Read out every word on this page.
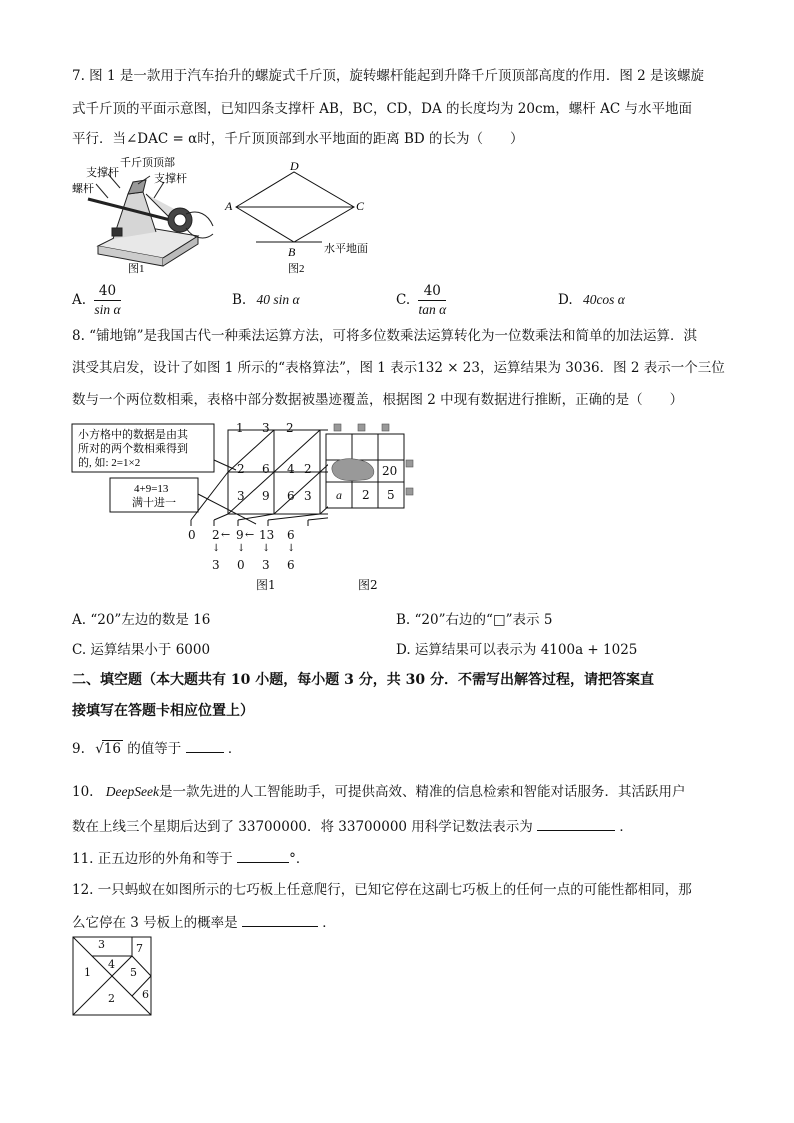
7. 图 1 是一款用于汽车抬升的螺旋式千斤顶，旋转螺杆能起到升降千斤顶顶部高度的作用．图 2 是该螺旋
式千斤顶的平面示意图，已知四条支撑杆 AB，BC，CD，DA 的长度均为 20cm，螺杆 AC 与水平地面
平行．当∠DAC = α时，千斤顶顶部到水平地面的距离 BD 的长为（　　）
支撑杆
千斤顶顶部
支撑杆
螺杆
图1
D
A	C
B	水平地面
图2
A. $\frac{40}{\text{sin α}}$	B. 40 sin α	C. $\frac{40}{\text{tan α}}$	D. 40cos α
8. “铺地锦”是我国古代一种乘法运算方法，可将多位数乘法运算转化为一位数乘法和简单的加法运算．淇
淇受其启发，设计了如图 1 所示的“表格算法”，图 1 表示132 × 23，运算结果为 3036．图 2 表示一个三位
数与一个两位数相乘，表格中部分数据被墨迹覆盖，根据图 2 中现有数据进行推断，正确的是（　　）
小方格中的数据是由其
所对的两个数相乘得到
的, 如: 2=1×2
4+9=13
满十进一
1 3 2
2 6 4 2
3 9 6 3
0 2 ← 9 ← 13 6
↓ ↓ ↓ ↓
3 0 3 6
图1
20
a 2 5
图2
A. “20”左边的数是 16	B. “20”右边的“□”表示 5
C. 运算结果小于 6000	D. 运算结果可以表示为 4100a + 1025
二、填空题（本大题共有 10 小题，每小题 3 分，共 30 分．不需写出解答过程，请把答案直
接填写在答题卡相应位置上）
9. √16 的值等于	．
10. DeepSeek是一款先进的人工智能助手，可提供高效、精准的信息检索和智能对话服务．其活跃用户
数在上线三个星期后达到了 33700000．将 33700000 用科学记数法表示为	．
11. 正五边形的外角和等于	°．
12. 一只蚂蚁在如图所示的七巧板上任意爬行，已知它停在这副七巧板上的任何一点的可能性都相同，那
么它停在 3 号板上的概率是	．
1
2
3
4
5
6
7
